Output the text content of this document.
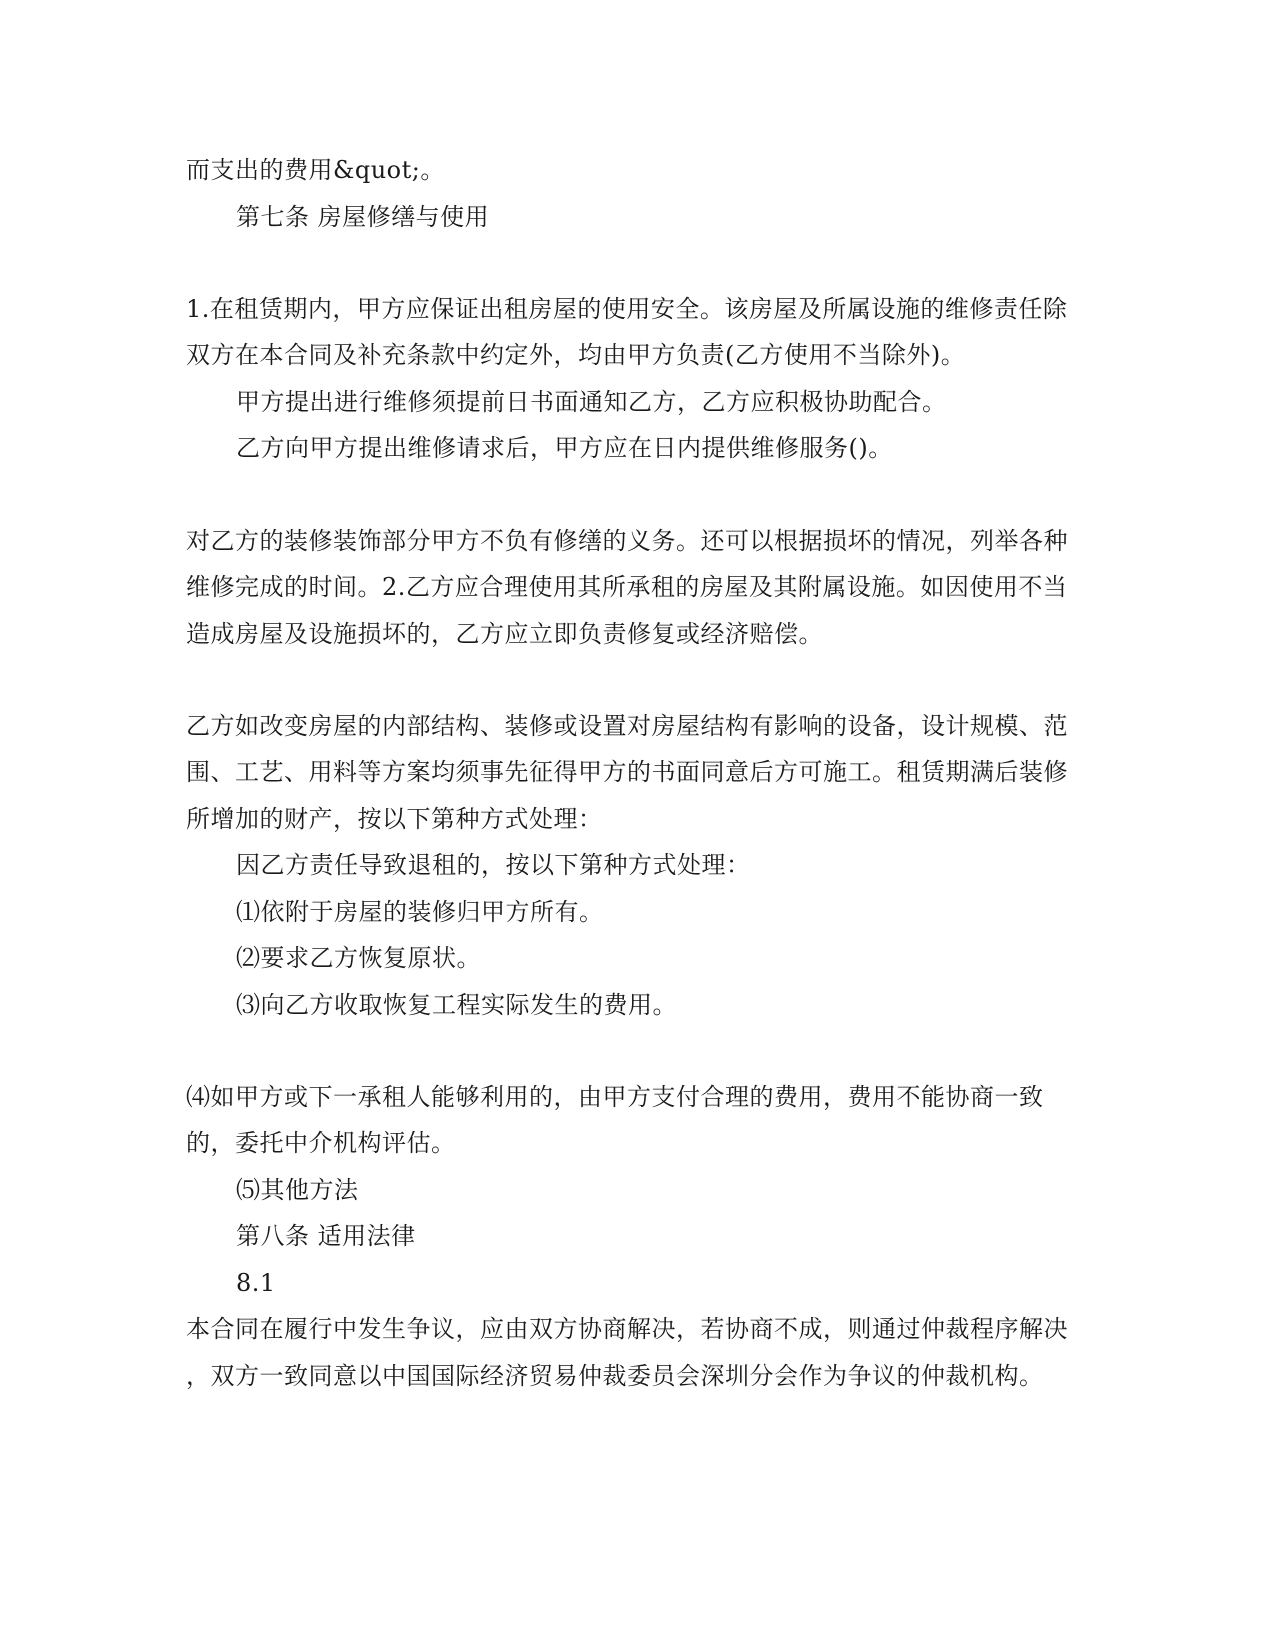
而支出的费用&quot;。
第七条 房屋修缮与使用
1.在租赁期内，甲方应保证出租房屋的使用安全。该房屋及所属设施的维修责任除
双方在本合同及补充条款中约定外，均由甲方负责(乙方使用不当除外)。
甲方提出进行维修须提前日书面通知乙方，乙方应积极协助配合。
乙方向甲方提出维修请求后，甲方应在日内提供维修服务()。
对乙方的装修装饰部分甲方不负有修缮的义务。还可以根据损坏的情况，列举各种
维修完成的时间。2.乙方应合理使用其所承租的房屋及其附属设施。如因使用不当
造成房屋及设施损坏的，乙方应立即负责修复或经济赔偿。
乙方如改变房屋的内部结构、装修或设置对房屋结构有影响的设备，设计规模、范
围、工艺、用料等方案均须事先征得甲方的书面同意后方可施工。租赁期满后装修
所增加的财产，按以下第种方式处理：
因乙方责任导致退租的，按以下第种方式处理：
⑴依附于房屋的装修归甲方所有。
⑵要求乙方恢复原状。
⑶向乙方收取恢复工程实际发生的费用。
⑷如甲方或下一承租人能够利用的，由甲方支付合理的费用，费用不能协商一致
的，委托中介机构评估。
⑸其他方法
第八条 适用法律
8.1
本合同在履行中发生争议，应由双方协商解决，若协商不成，则通过仲裁程序解决
，双方一致同意以中国国际经济贸易仲裁委员会深圳分会作为争议的仲裁机构。
